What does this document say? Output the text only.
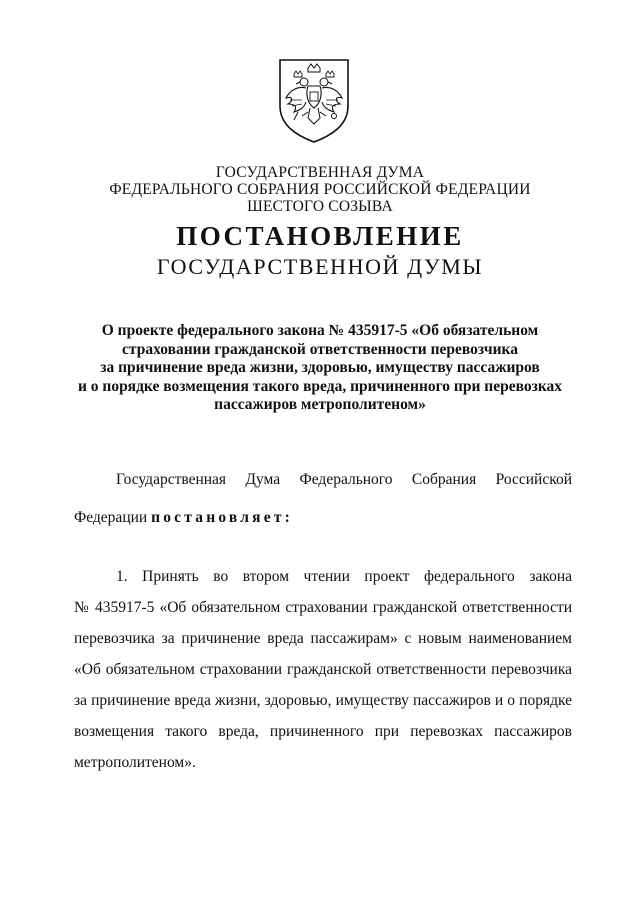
ГОСУДАРСТВЕННАЯ ДУМА
ФЕДЕРАЛЬНОГО СОБРАНИЯ РОССИЙСКОЙ ФЕДЕРАЦИИ
ШЕСТОГО СОЗЫВА
ПОСТАНОВЛЕНИЕ
ГОСУДАРСТВЕННОЙ ДУМЫ
О проекте федерального закона № 435917-5 «Об обязательном
страховании гражданской ответственности перевозчика
за причинение вреда жизни, здоровью, имуществу пассажиров
и о порядке возмещения такого вреда, причиненного при перевозках
пассажиров метрополитеном»
Государственная Дума Федерального Собрания Российской
Федерации постановляет:
1. Принять во втором чтении проект федерального закона
№ 435917-5 «Об обязательном страховании гражданской ответственности
перевозчика за причинение вреда пассажирам» с новым наименованием
«Об обязательном страховании гражданской ответственности перевозчика
за причинение вреда жизни, здоровью, имуществу пассажиров и о порядке
возмещения такого вреда, причиненного при перевозках пассажиров
метрополитеном».
